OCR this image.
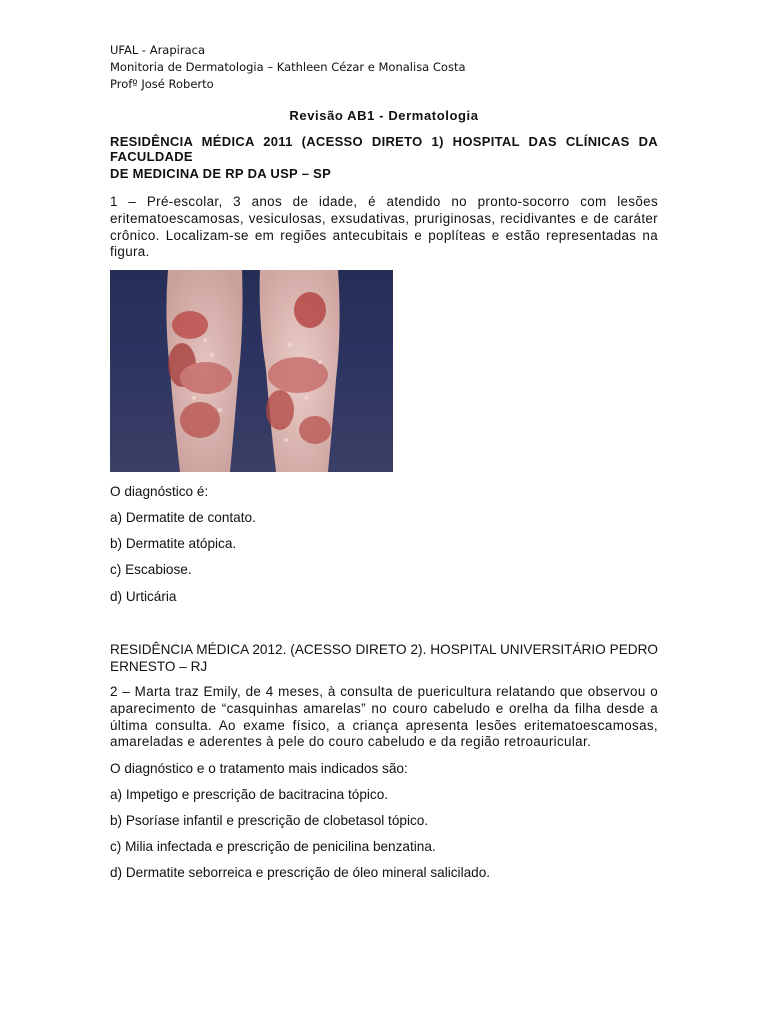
UFAL - Arapiraca
Monitoria de Dermatologia – Kathleen Cézar e Monalisa Costa
Profº José Roberto
Revisão AB1 - Dermatologia
RESIDÊNCIA MÉDICA 2011 (ACESSO DIRETO 1) HOSPITAL DAS CLÍNICAS DA FACULDADE
DE MEDICINA DE RP DA USP – SP
1 – Pré-escolar, 3 anos de idade, é atendido no pronto-socorro com lesões eritematoescamosas, vesiculosas, exsudativas, pruriginosas, recidivantes e de caráter crônico. Localizam-se em regiões antecubitais e poplíteas e estão representadas na figura.
O diagnóstico é:
a) Dermatite de contato.
b) Dermatite atópica.
c) Escabiose.
d) Urticária
RESIDÊNCIA MÉDICA 2012. (ACESSO DIRETO 2). HOSPITAL UNIVERSITÁRIO PEDRO ERNESTO – RJ
2 – Marta traz Emily, de 4 meses, à consulta de puericultura relatando que observou o aparecimento de “casquinhas amarelas” no couro cabeludo e orelha da filha desde a última consulta. Ao exame físico, a criança apresenta lesões eritematoescamosas, amareladas e aderentes à pele do couro cabeludo e da região retroauricular.
O diagnóstico e o tratamento mais indicados são:
a) Impetigo e prescrição de bacitracina tópico.
b) Psoríase infantil e prescrição de clobetasol tópico.
c) Milia infectada e prescrição de penicilina benzatina.
d) Dermatite seborreica e prescrição de óleo mineral salicilado.
